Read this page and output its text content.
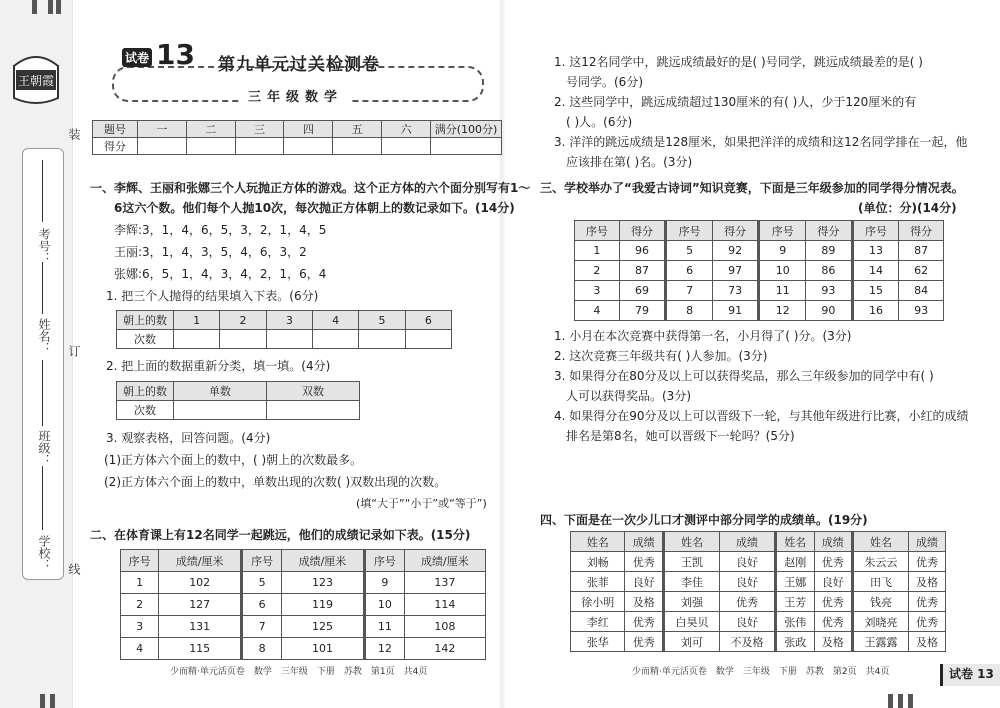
王朝霞
装
订
线
考号：
姓名：
班级：
学校：
试卷 13 第九单元过关检测卷
三年级数学
题号	一	二	三	四	五	六	满分(100分)
得分							
一、李辉、王丽和张娜三个人玩抛正方体的游戏。这个正方体的六个面分别写有1～
6这六个数。他们每个人抛10次，每次抛正方体朝上的数记录如下。(14分)
李辉:3，1，4，6，5，3，2，1，4，5
王丽:3，1，4，3，5，4，6，3，2
张娜:6，5，1，4，3，4，2，1，6，4
1. 把三个人抛得的结果填入下表。(6分)
朝上的数	1	2	3	4	5	6
次数						
2. 把上面的数据重新分类，填一填。(4分)
朝上的数	单数	双数
次数		
3. 观察表格，回答问题。(4分)
(1)正方体六个面上的数中，( )朝上的次数最多。
(2)正方体六个面上的数中，单数出现的次数( )双数出现的次数。
(填“大于”“小于”或“等于”)
二、在体育课上有12名同学一起跳远，他们的成绩记录如下表。(15分)
序号	成绩/厘米	序号	成绩/厘米	序号	成绩/厘米
1	102	5	123	9	137
2	127	6	119	10	114
3	131	7	125	11	108
4	115	8	101	12	142
少而精·单元活页卷　数学　三年级　下册　苏教　第1页　共4页
1. 这12名同学中，跳远成绩最好的是( )号同学，跳远成绩最差的是( )
号同学。(6分)
2. 这些同学中，跳远成绩超过130厘米的有( )人，少于120厘米的有
( )人。(6分)
3. 洋洋的跳远成绩是128厘米，如果把洋洋的成绩和这12名同学排在一起，他
应该排在第( )名。(3分)
三、学校举办了“我爱古诗词”知识竞赛，下面是三年级参加的同学得分情况表。
(单位：分)(14分)
序号	得分	序号	得分	序号	得分	序号	得分
1	96	5	92	9	89	13	87
2	87	6	97	10	86	14	62
3	69	7	73	11	93	15	84
4	79	8	91	12	90	16	93
1. 小月在本次竞赛中获得第一名，小月得了( )分。(3分)
2. 这次竞赛三年级共有( )人参加。(3分)
3. 如果得分在80分及以上可以获得奖品，那么三年级参加的同学中有( )
人可以获得奖品。(3分)
4. 如果得分在90分及以上可以晋级下一轮，与其他年级进行比赛，小红的成绩
排名是第8名，她可以晋级下一轮吗？(5分)
四、下面是在一次少儿口才测评中部分同学的成绩单。(19分)
姓名	成绩	姓名	成绩	姓名	成绩	姓名	成绩
刘畅	优秀	王凯	良好	赵刚	优秀	朱云云	优秀
张菲	良好	李佳	良好	王娜	良好	田飞	及格
徐小明	及格	刘强	优秀	王芳	优秀	钱亮	优秀
李红	优秀	白昊贝	良好	张伟	优秀	刘晓亮	优秀
张华	优秀	刘可	不及格	张政	及格	王露露	及格
少而精·单元活页卷　数学　三年级　下册　苏教　第2页　共4页	试卷 13
